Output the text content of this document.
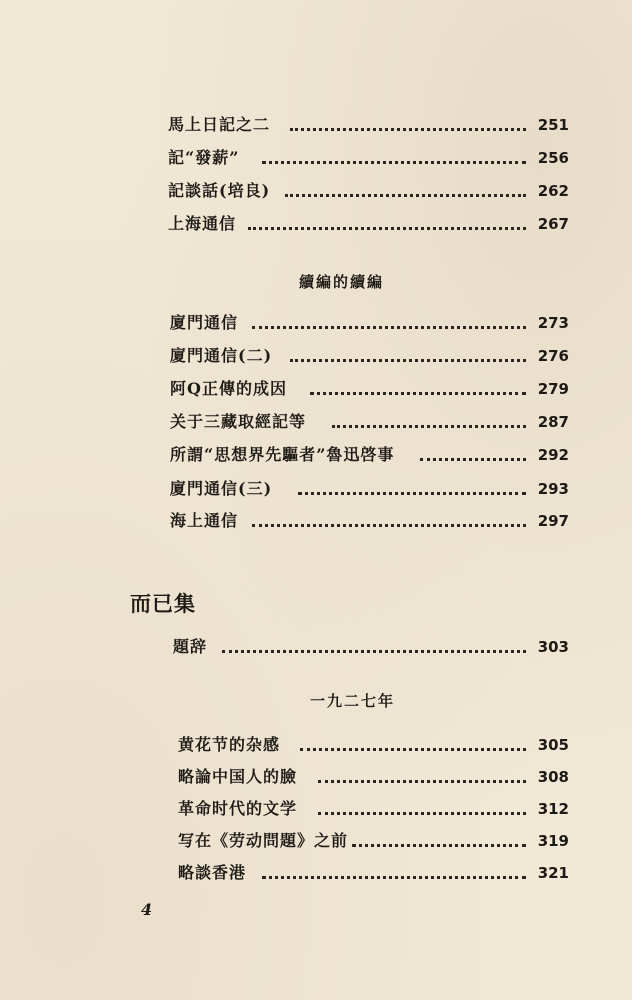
馬上日記之二	251
記“發薪”	256
記談話(培良)	262
上海通信	267
續編的續編
廈門通信	273
廈門通信(二)	276
阿Q正傳的成因	279
关于三藏取經記等	287
所謂“思想界先驅者”魯迅啓事	292
廈門通信(三)	293
海上通信	297
而已集
題辞	303
一九二七年
黄花节的杂感	305
略論中国人的臉	308
革命时代的文学	312
写在《劳动問題》之前	319
略談香港	321
4
